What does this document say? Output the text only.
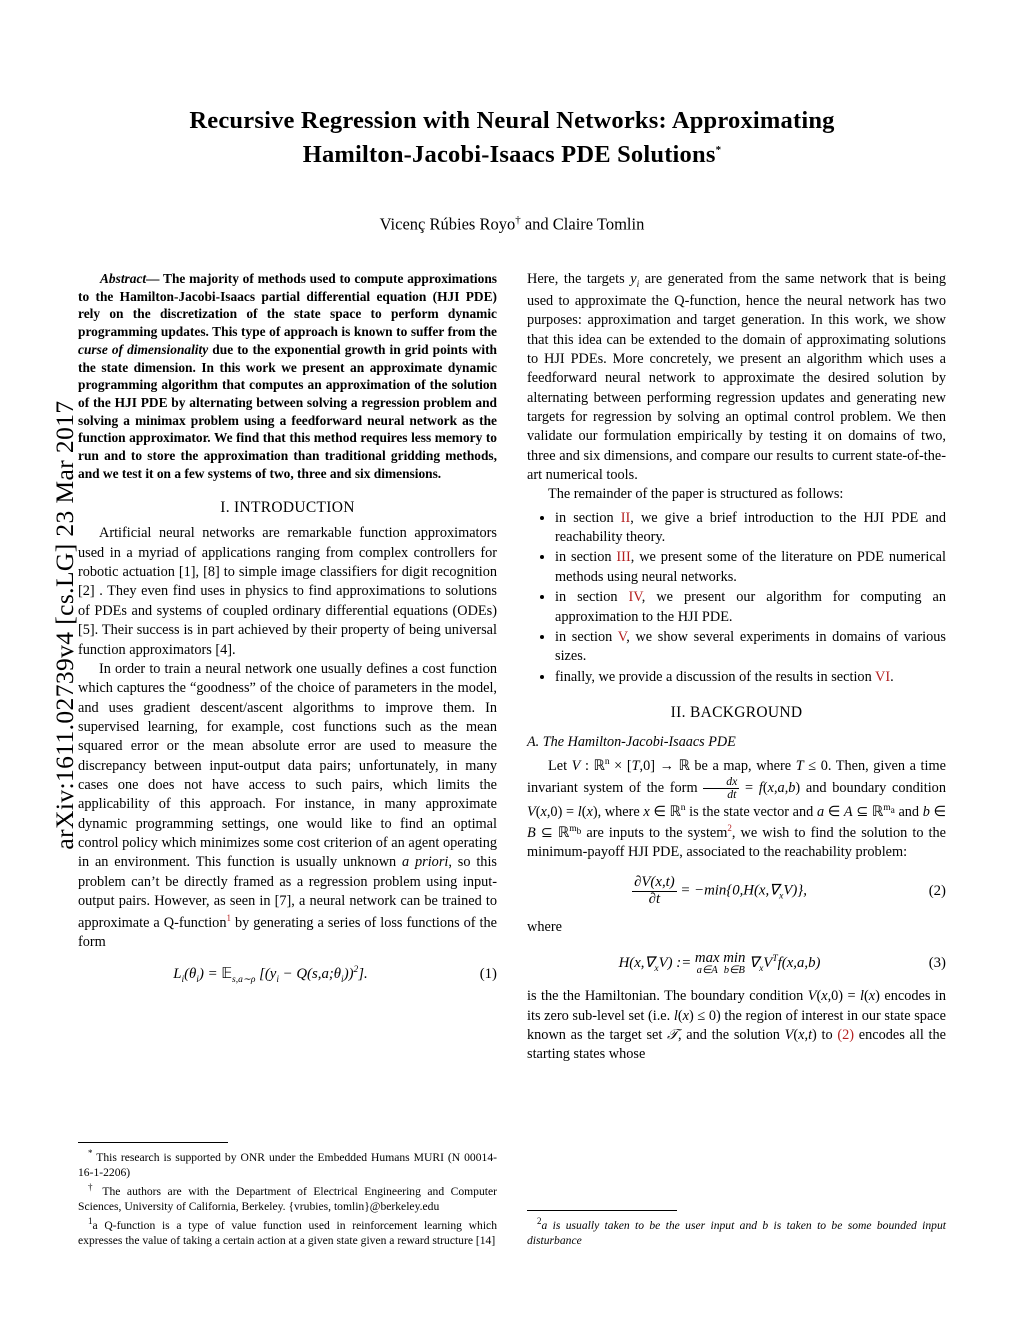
arXiv:1611.02739v4 [cs.LG] 23 Mar 2017
Recursive Regression with Neural Networks: Approximating
Hamilton-Jacobi-Isaacs PDE Solutions*
Vicenç Rúbies Royo† and Claire Tomlin
Abstract— The majority of methods used to compute approximations to the Hamilton-Jacobi-Isaacs partial differential equation (HJI PDE) rely on the discretization of the state space to perform dynamic programming updates. This type of approach is known to suffer from the curse of dimensionality due to the exponential growth in grid points with the state dimension. In this work we present an approximate dynamic programming algorithm that computes an approximation of the solution of the HJI PDE by alternating between solving a regression problem and solving a minimax problem using a feedforward neural network as the function approximator. We find that this method requires less memory to run and to store the approximation than traditional gridding methods, and we test it on a few systems of two, three and six dimensions.
I. INTRODUCTION

Artificial neural networks are remarkable function approximators used in a myriad of applications ranging from complex controllers for robotic actuation [1], [8] to simple image classifiers for digit recognition [2] . They even find uses in physics to find approximations to solutions of PDEs and systems of coupled ordinary differential equations (ODEs) [5]. Their success is in part achieved by their property of being universal function approximators [4].

In order to train a neural network one usually defines a cost function which captures the “goodness” of the choice of parameters in the model, and uses gradient descent/ascent algorithms to improve them. In supervised learning, for example, cost functions such as the mean squared error or the mean absolute error are used to measure the discrepancy between input-output data pairs; unfortunately, in many cases one does not have access to such pairs, which limits the applicability of this approach. For instance, in many approximate dynamic programming settings, one would like to find an optimal control policy which minimizes some cost criterion of an agent operating in an environment. This function is usually unknown a priori, so this problem can’t be directly framed as a regression problem using input-output pairs. However, as seen in [7], a neural network can be trained to approximate a Q-function$^1$ by generating a series of loss functions of the form

$L_i(\theta_i)$ = 𝔼$_{s,a\sim\rho}$ [($y_i$ − $Q(s,a;\theta_i))^2$].	(1)

* This research is supported by ONR under the Embedded Humans MURI (N 00014-16-1-2206)

† The authors are with the Department of Electrical Engineering and Computer Sciences, University of California, Berkeley. {vrubies, tomlin}@berkeley.edu

$^1$a Q-function is a type of value function used in reinforcement learning which expresses the value of taking a certain action at a given state given a reward structure [14]

Here, the targets $y_i$ are generated from the same network that is being used to approximate the Q-function, hence the neural network has two purposes: approximation and target generation. In this work, we show that this idea can be extended to the domain of approximating solutions to HJI PDEs. More concretely, we present an algorithm which uses a feedforward neural network to approximate the desired solution by alternating between performing regression updates and generating new targets for regression by solving an optimal control problem. We then validate our formulation empirically by testing it on domains of two, three and six dimensions, and compare our results to current state-of-the-art numerical tools.

The remainder of the paper is structured as follows:

• in section II, we give a brief introduction to the HJI PDE and reachability theory.
• in section III, we present some of the literature on PDE numerical methods using neural networks.
• in section IV, we present our algorithm for computing an approximation to the HJI PDE.
• in section V, we show several experiments in domains of various sizes.
• finally, we provide a discussion of the results in section VI.
II. BACKGROUND
A. The Hamilton-Jacobi-Isaacs PDE

Let V : ℝ$^n$ × [T,0] → ℝ be a map, where T ≤ 0. Then, given a time invariant system of the form $\frac{dx}{dt} = f(x,a,b)$ and boundary condition V(x,0) = l(x), where x ∈ ℝ$^n$ is the state vector and a ∈ A ⊆ ℝ$^{m_a}$ and b ∈ B ⊆ ℝ$^{m_b}$ are inputs to the system$^2$, we wish to find the solution to the minimum-payoff HJI PDE, associated to the reachability problem:

$\frac{\partial V(x,t)}{\partial t} = -\min\{0,H(x,\nabla_xV)\}$,	(2)

where

$H(x,\nabla_xV)$ := max
a∈A

min
b∈B $\nabla_xV^Tf(x,a,b)$	(3)

is the the Hamiltonian. The boundary condition V(x,0) = l(x) encodes in its zero sub-level set (i.e. l(x) ≤ 0) the region of interest in our state space known as the target set 𝒯, and the solution V(x,t) to (2) encodes all the starting states whose

$^2$a is usually taken to be the user input and b is taken to be some bounded input disturbance
